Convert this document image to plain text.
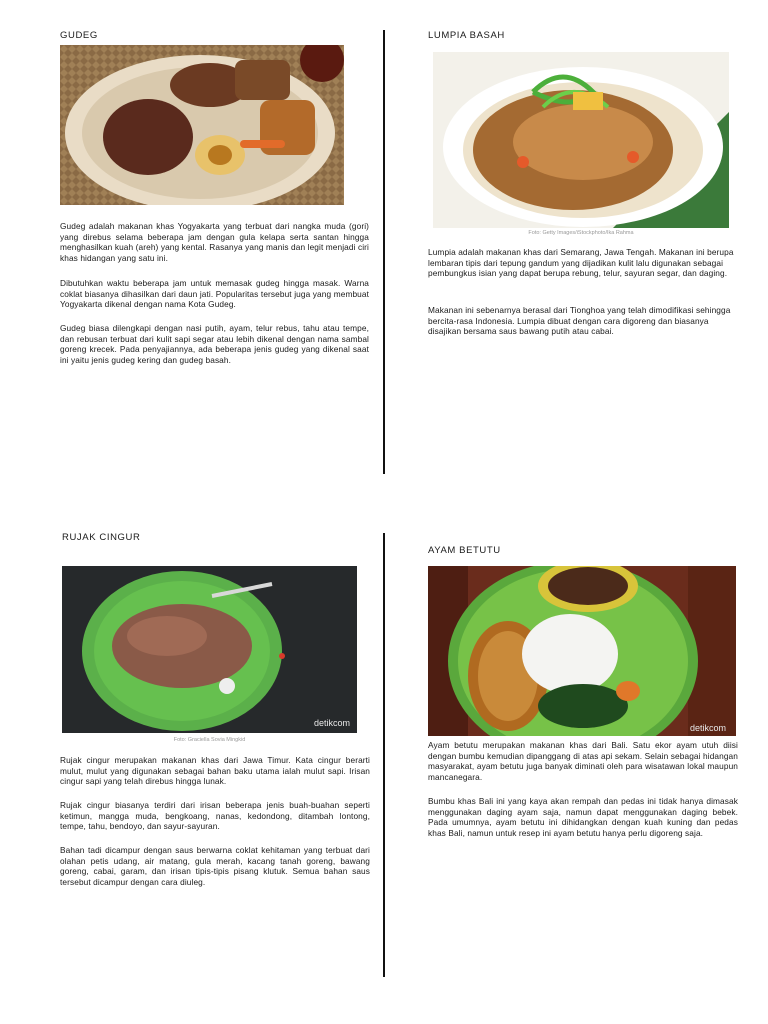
GUDEG

Gudeg adalah makanan khas Yogyakarta yang terbuat dari nangka muda (gori) yang direbus selama beberapa jam dengan gula kelapa serta santan hingga menghasilkan kuah (areh) yang kental. Rasanya yang manis dan legit menjadi ciri khas hidangan yang satu ini.

Dibutuhkan waktu beberapa jam untuk memasak gudeg hingga masak. Warna coklat biasanya dihasilkan dari daun jati. Popularitas tersebut juga yang membuat Yogyakarta dikenal dengan nama Kota Gudeg.

Gudeg biasa dilengkapi dengan nasi putih, ayam, telur rebus, tahu atau tempe, dan rebusan terbuat dari kulit sapi segar atau lebih dikenal dengan nama sambal goreng krecek. Pada penyajiannya, ada beberapa jenis gudeg yang dikenal saat ini yaitu jenis gudeg kering dan gudeg basah.

LUMPIA BASAH

Foto: Getty Images/iStockphoto/Ika Rahma

Lumpia adalah makanan khas dari Semarang, Jawa Tengah. Makanan ini berupa lembaran tipis dari tepung gandum yang dijadikan kulit lalu digunakan sebagai pembungkus isian yang dapat berupa rebung, telur, sayuran segar, dan daging.

Makanan ini sebenarnya berasal dari Tionghoa yang telah dimodifikasi sehingga bercita-rasa Indonesia. Lumpia dibuat dengan cara digoreng dan biasanya disajikan bersama saus bawang putih atau cabai.

RUJAK CINGUR

detikcom
Foto: Graciella Sovia Mingkid

Rujak cingur merupakan makanan khas dari Jawa Timur. Kata cingur berarti mulut, mulut yang digunakan sebagai bahan baku utama ialah mulut sapi. Irisan cingur sapi yang telah direbus hingga lunak.

Rujak cingur biasanya terdiri dari irisan beberapa jenis buah-buahan seperti ketimun, mangga muda, bengkoang, nanas, kedondong, ditambah lontong, tempe, tahu, bendoyo, dan sayur-sayuran.

Bahan tadi dicampur dengan saus berwarna coklat kehitaman yang terbuat dari olahan petis udang, air matang, gula merah, kacang tanah goreng, bawang goreng, cabai, garam, dan irisan tipis-tipis pisang klutuk. Semua bahan saus tersebut dicampur dengan cara diuleg.

AYAM BETUTU

detikcom

Ayam betutu merupakan makanan khas dari Bali. Satu ekor ayam utuh diisi dengan bumbu kemudian dipanggang di atas api sekam. Selain sebagai hidangan masyarakat, ayam betutu juga banyak diminati oleh para wisatawan lokal maupun mancanegara.

Bumbu khas Bali ini yang kaya akan rempah dan pedas ini tidak hanya dimasak menggunakan daging ayam saja, namun dapat menggunakan daging bebek. Pada umumnya, ayam betutu ini dihidangkan dengan kuah kuning dan pedas khas Bali, namun untuk resep ini ayam betutu hanya perlu digoreng saja.
